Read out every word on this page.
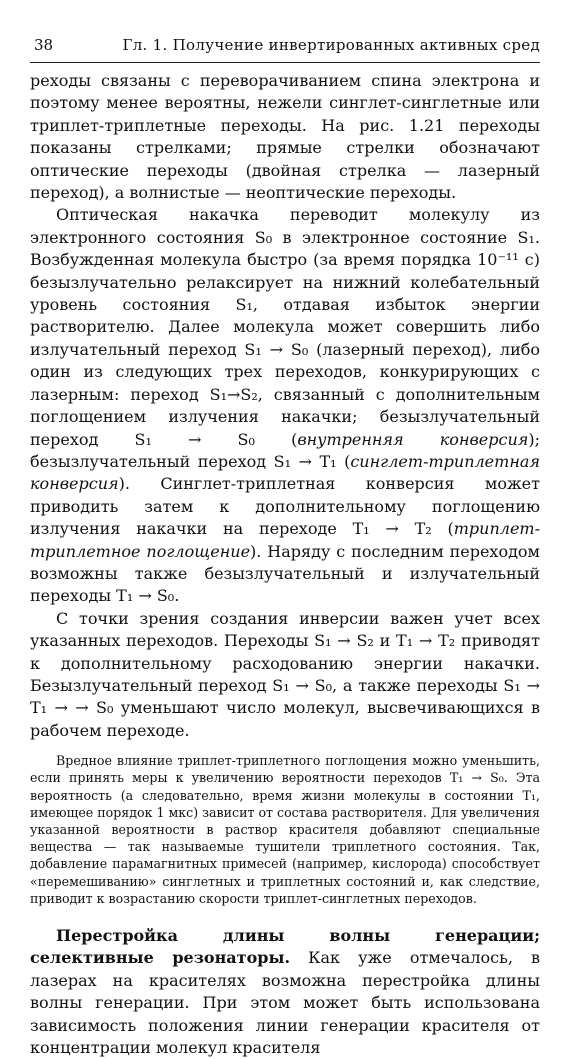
38	Гл. 1. Получение инвертированных активных сред

реходы связаны с переворачиванием спина электрона и поэтому менее вероятны, нежели синглет-синглетные или триплет-триплетные переходы. На рис. 1.21 переходы показаны стрелками; прямые стрелки обозначают оптические переходы (двойная стрелка — лазерный переход), а волнистые — неоптические переходы.

Оптическая накачка переводит молекулу из электронного состояния S₀ в электронное состояние S₁. Возбужденная молекула быстро (за время порядка 10⁻¹¹ с) безызлучательно релаксирует на нижний колебательный уровень состояния S₁, отдавая избыток энергии растворителю. Далее молекула может совершить либо излучательный переход S₁ → S₀ (лазерный переход), либо один из следующих трех переходов, конкурирующих с лазерным: переход S₁→S₂, связанный с дополнительным поглощением излучения накачки; безызлучательный переход S₁ → S₀ (внутренняя конверсия); безызлучательный переход S₁ → T₁ (синглет-триплетная конверсия). Синглет-триплетная конверсия может приводить затем к дополнительному поглощению излучения накачки на переходе T₁ → T₂ (триплет-триплетное поглощение). Наряду с последним переходом возможны также безызлучательный и излучательный переходы T₁ → S₀.

С точки зрения создания инверсии важен учет всех указанных переходов. Переходы S₁ → S₂ и T₁ → T₂ приводят к дополнительному расходованию энергии накачки. Безызлучательный переход S₁ → S₀, а также переходы S₁ → T₁ → → S₀ уменьшают число молекул, высвечивающихся в рабочем переходе.

Вредное влияние триплет-триплетного поглощения можно уменьшить, если принять меры к увеличению вероятности переходов T₁ → S₀. Эта вероятность (а следовательно, время жизни молекулы в состоянии T₁, имеющее порядок 1 мкс) зависит от состава растворителя. Для увеличения указанной вероятности в раствор красителя добавляют специальные вещества — так называемые тушители триплетного состояния. Так, добавление парамагнитных примесей (например, кислорода) способствует «перемешиванию» синглетных и триплетных состояний и, как следствие, приводит к возрастанию скорости триплет-синглетных переходов.

Перестройка длины волны генерации; селективные резонаторы. Как уже отмечалось, в лазерах на красителях возможна перестройка длины волны генерации. При этом может быть использована зависимость положения линии генерации красителя от концентрации молекул красителя
